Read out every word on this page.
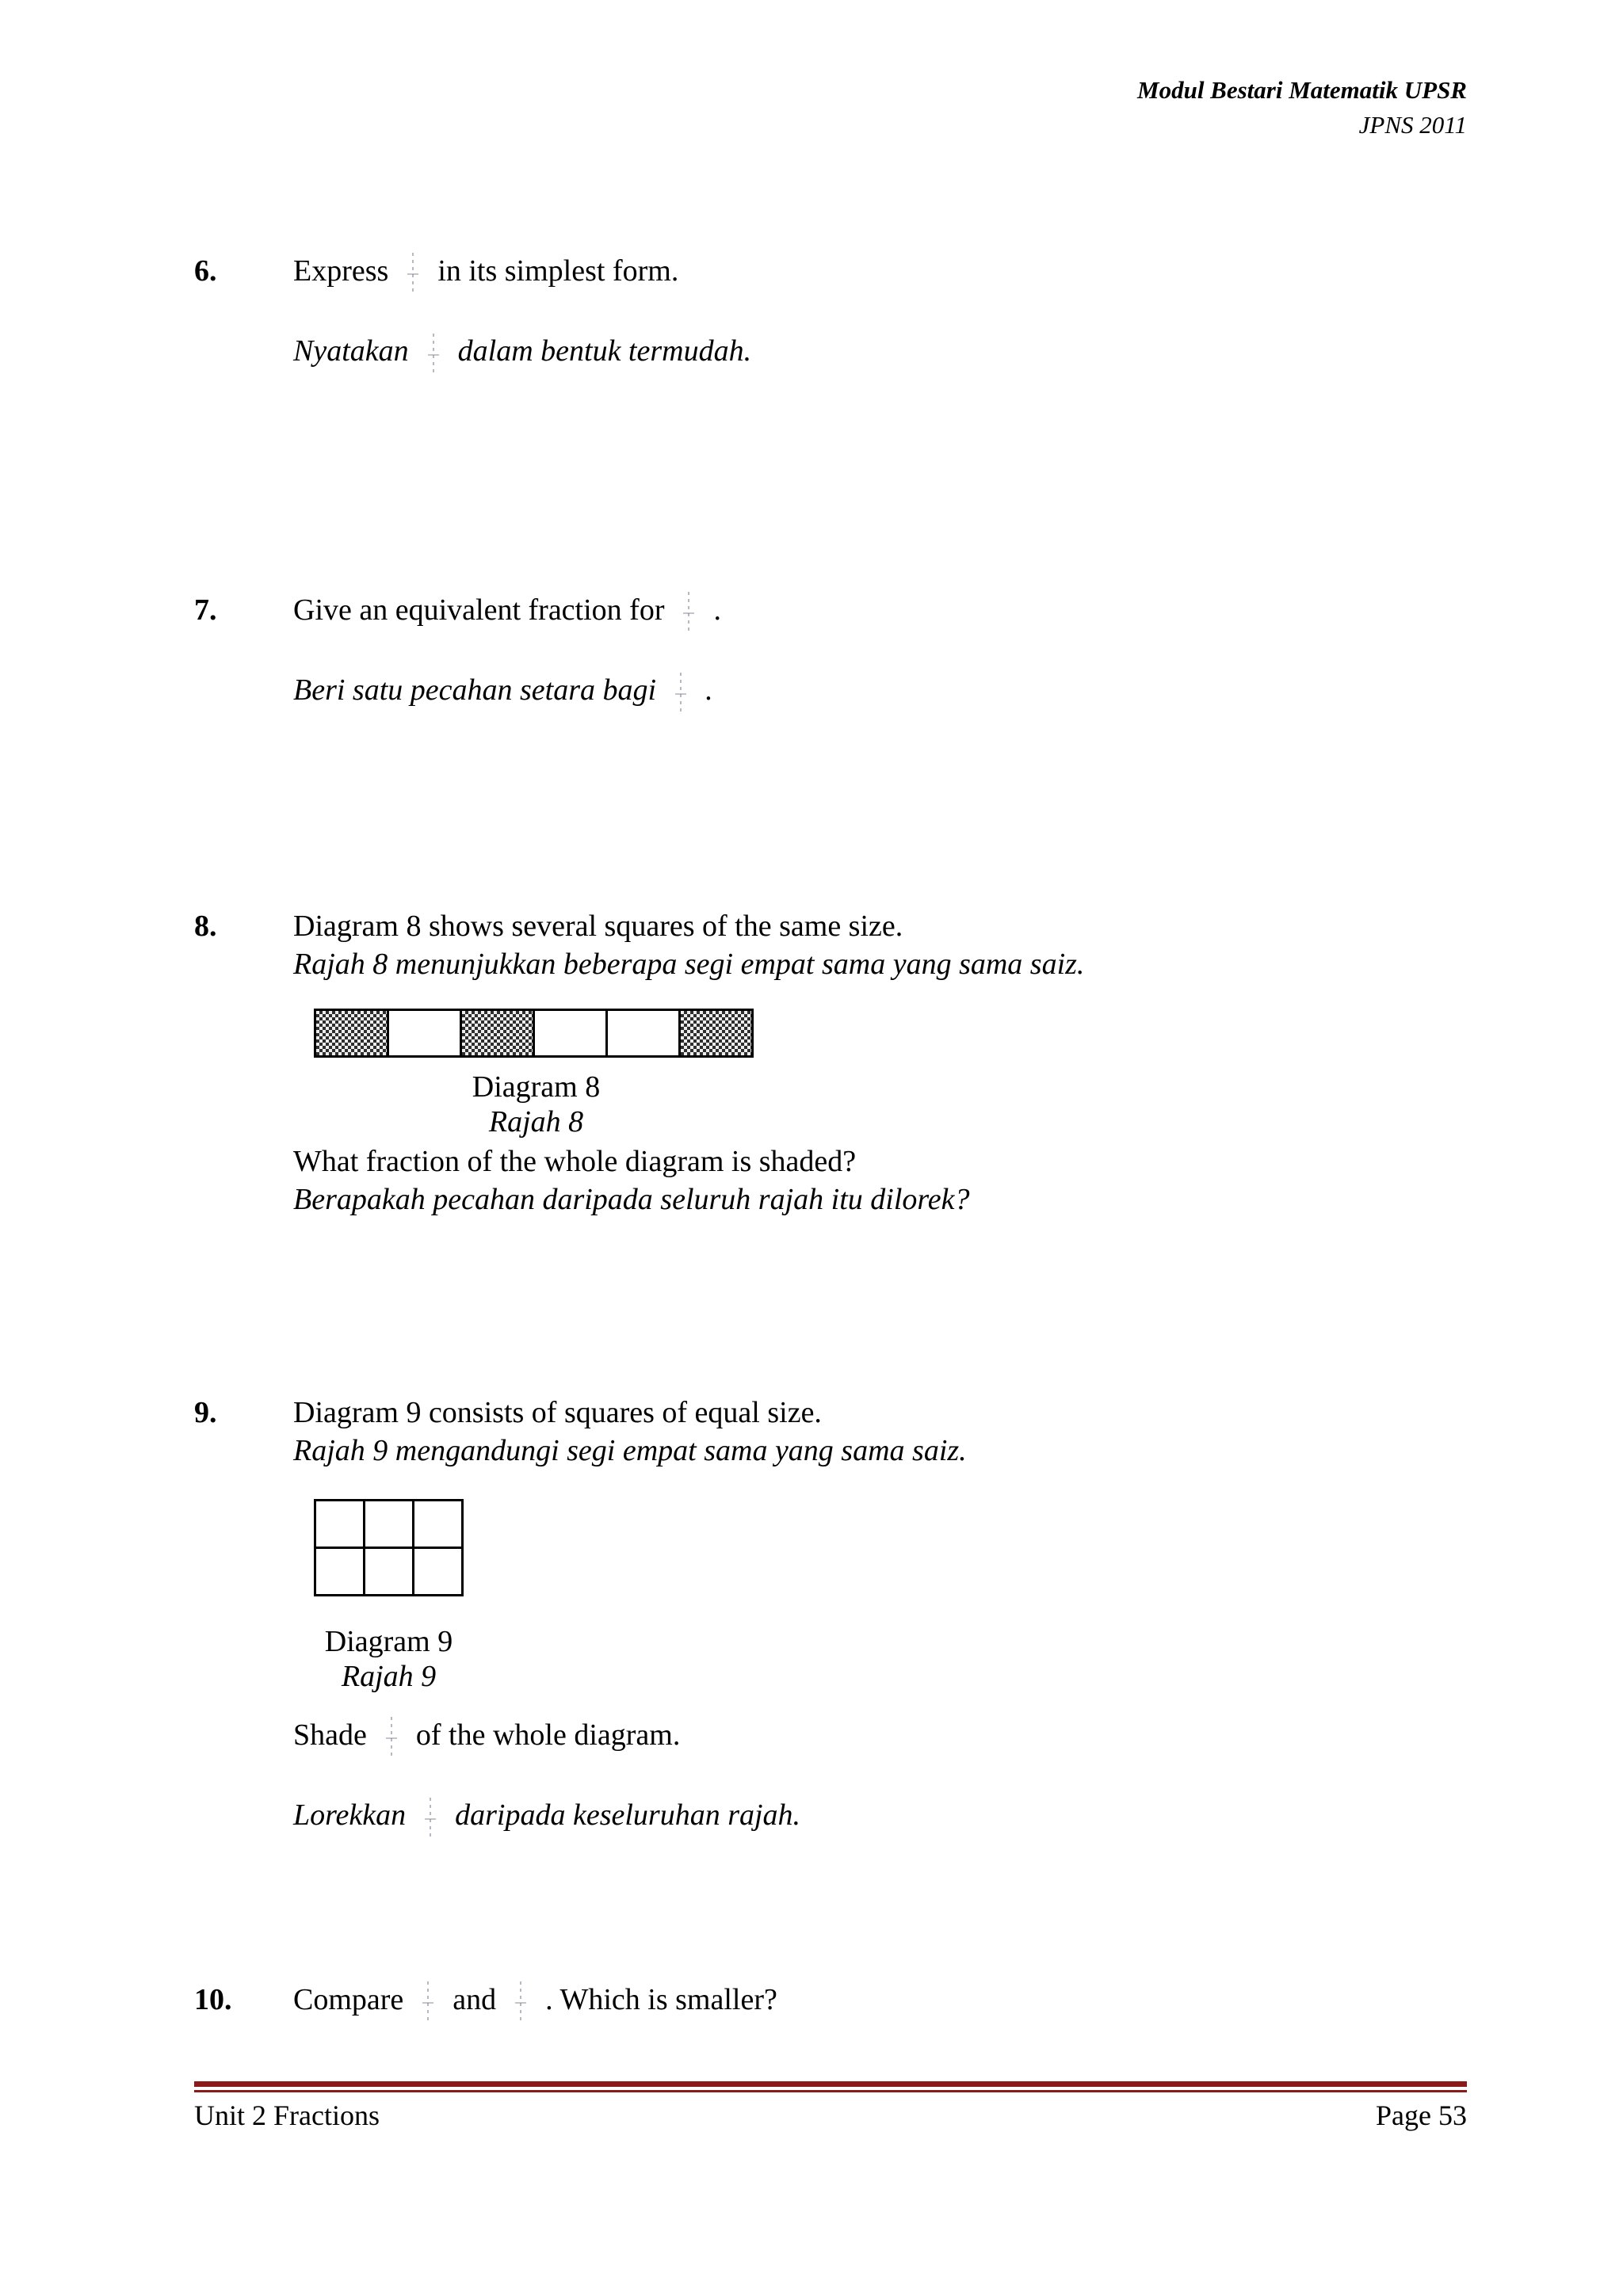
Modul Bestari Matematik UPSR
JPNS 2011
6.	Express in its simplest form.

Nyatakan dalam bentuk termudah.

7.	Give an equivalent fraction for .

Beri satu pecahan setara bagi .

8.	Diagram 8 shows several squares of the same size.

Rajah 8 menunjukkan beberapa segi empat sama yang sama saiz.

Diagram 8
Rajah 8

What fraction of the whole diagram is shaded?

Berapakah pecahan daripada seluruh rajah itu dilorek?

9.	Diagram 9 consists of squares of equal size.

Rajah 9 mengandungi segi empat sama yang sama saiz.

Diagram 9
Rajah 9

Shade of the whole diagram.

Lorekkan daripada keseluruhan rajah.

10. Compare and . Which is smaller?

Unit 2 Fractions	Page 53
